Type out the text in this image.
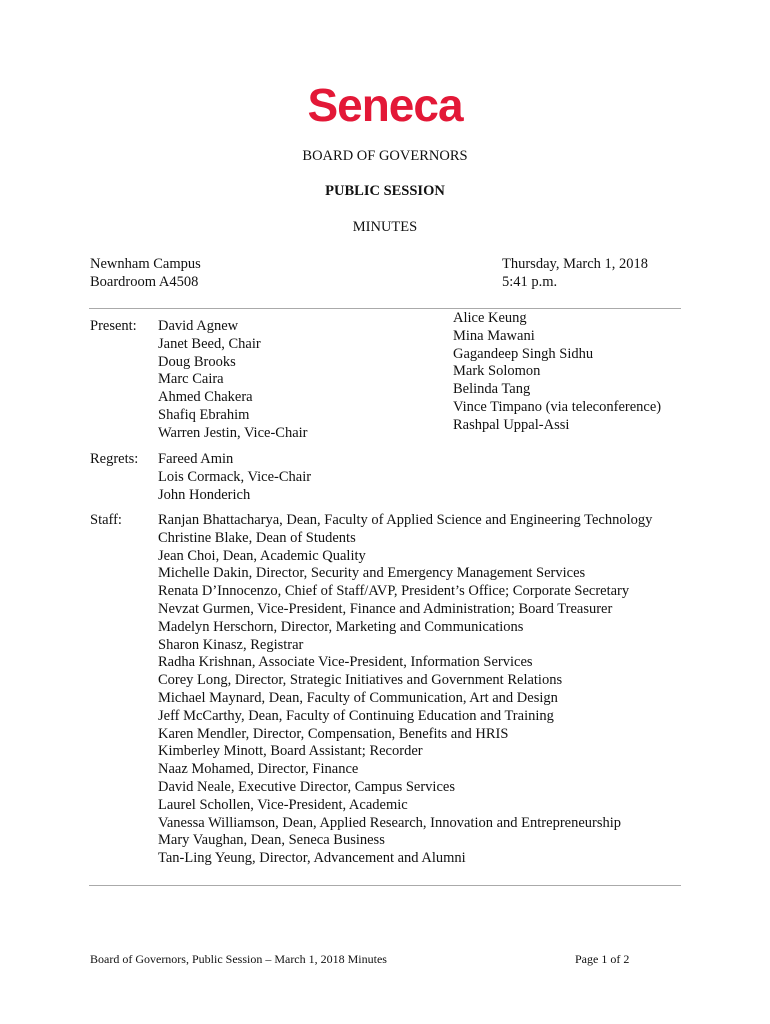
Seneca
BOARD OF GOVERNORS
PUBLIC SESSION
MINUTES
Newnham Campus
Boardroom A4508
Thursday, March 1, 2018
5:41 p.m.
Present: David Agnew
Janet Beed, Chair
Doug Brooks
Marc Caira
Ahmed Chakera
Shafiq Ebrahim
Warren Jestin, Vice-Chair
Alice Keung
Mina Mawani
Gagandeep Singh Sidhu
Mark Solomon
Belinda Tang
Vince Timpano (via teleconference)
Rashpal Uppal-Assi
Regrets: Fareed Amin
Lois Cormack, Vice-Chair
John Honderich
Staff: Ranjan Bhattacharya, Dean, Faculty of Applied Science and Engineering Technology
Christine Blake, Dean of Students
Jean Choi, Dean, Academic Quality
Michelle Dakin, Director, Security and Emergency Management Services
Renata D’Innocenzo, Chief of Staff/AVP, President’s Office; Corporate Secretary
Nevzat Gurmen, Vice-President, Finance and Administration; Board Treasurer
Madelyn Herschorn, Director, Marketing and Communications
Sharon Kinasz, Registrar
Radha Krishnan, Associate Vice-President, Information Services
Corey Long, Director, Strategic Initiatives and Government Relations
Michael Maynard, Dean, Faculty of Communication, Art and Design
Jeff McCarthy, Dean, Faculty of Continuing Education and Training
Karen Mendler, Director, Compensation, Benefits and HRIS
Kimberley Minott, Board Assistant; Recorder
Naaz Mohamed, Director, Finance
David Neale, Executive Director, Campus Services
Laurel Schollen, Vice-President, Academic
Vanessa Williamson, Dean, Applied Research, Innovation and Entrepreneurship
Mary Vaughan, Dean, Seneca Business
Tan-Ling Yeung, Director, Advancement and Alumni
Board of Governors, Public Session – March 1, 2018 Minutes	Page 1 of 2
